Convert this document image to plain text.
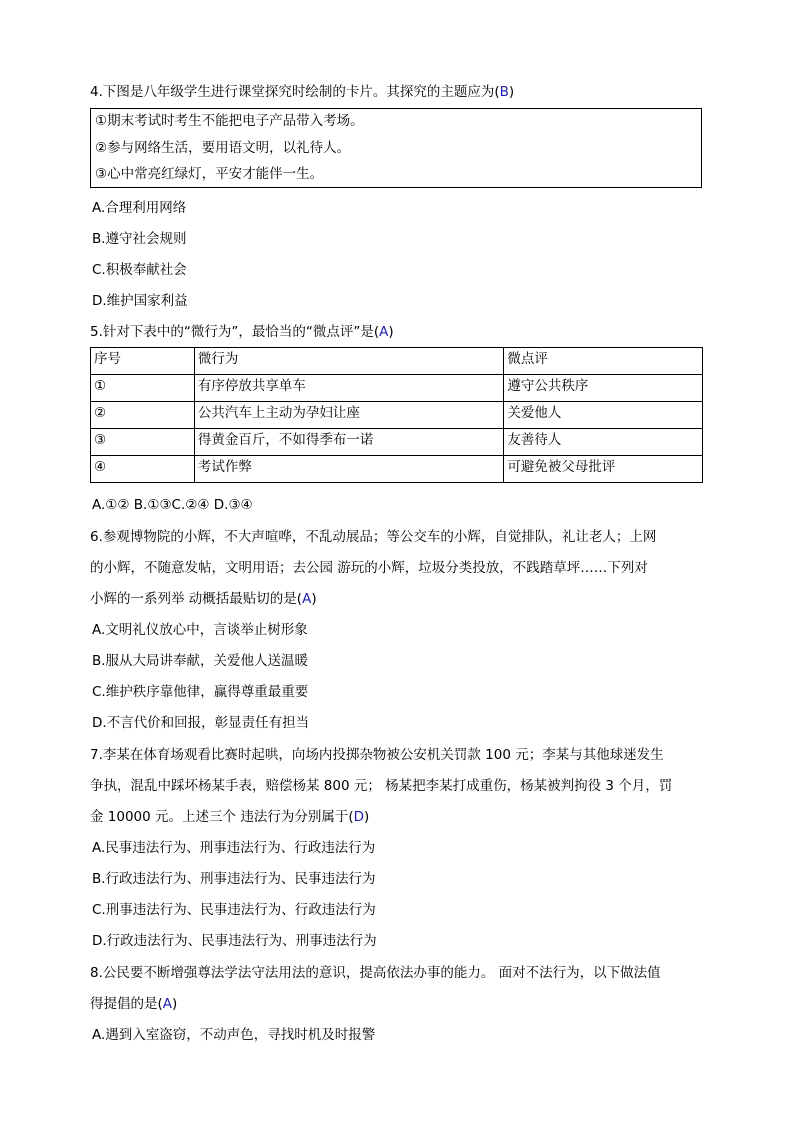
4.下图是八年级学生进行课堂探究时绘制的卡片。其探究的主题应为(B)
①期末考试时考生不能把电子产品带入考场。
②参与网络生活，要用语文明，以礼待人。
③心中常亮红绿灯，平安才能伴一生。
A.合理利用网络
B.遵守社会规则
C.积极奉献社会
D.维护国家利益
5.针对下表中的“微行为”，最恰当的“微点评”是(A)
序号	微行为	微点评
①	有序停放共享单车	遵守公共秩序
②	公共汽车上主动为孕妇让座	关爱他人
③	得黄金百斤，不如得季布一诺	友善待人
④	考试作弊	可避免被父母批评
A.①② B.①③C.②④ D.③④
6.参观博物院的小辉，不大声喧哗，不乱动展品；等公交车的小辉，自觉排队，礼让老人；上网
的小辉，不随意发帖，文明用语；去公园 游玩的小辉，垃圾分类投放，不践踏草坪……下列对
小辉的一系列举 动概括最贴切的是(A)
A.文明礼仪放心中，言谈举止树形象
B.服从大局讲奉献，关爱他人送温暖
C.维护秩序靠他律，赢得尊重最重要
D.不言代价和回报，彰显责任有担当
7.李某在体育场观看比赛时起哄，向场内投掷杂物被公安机关罚款 100 元；李某与其他球迷发生
争执，混乱中踩坏杨某手表，赔偿杨某 800 元； 杨某把李某打成重伤，杨某被判拘役 3 个月，罚
金 10000 元。上述三个 违法行为分别属于(D)
A.民事违法行为、刑事违法行为、行政违法行为
B.行政违法行为、刑事违法行为、民事违法行为
C.刑事违法行为、民事违法行为、行政违法行为
D.行政违法行为、民事违法行为、刑事违法行为
8.公民要不断增强尊法学法守法用法的意识，提高依法办事的能力。 面对不法行为，以下做法值
得提倡的是(A)
A.遇到入室盗窃，不动声色，寻找时机及时报警
